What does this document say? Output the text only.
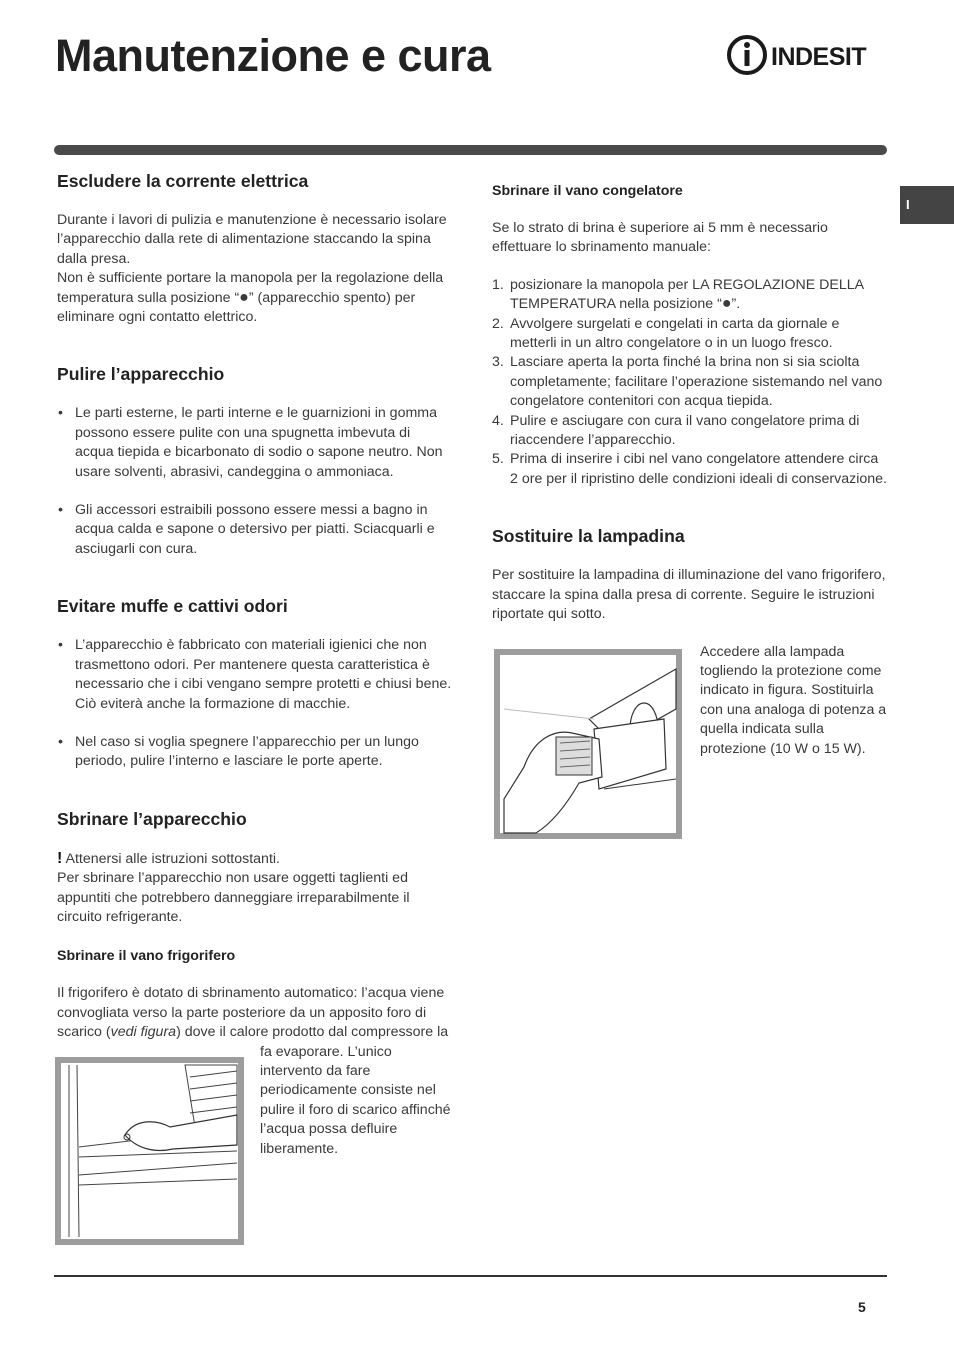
Manutenzione e cura	INDESIT
I
Escludere la corrente elettrica

Durante i lavori di pulizia e manutenzione è necessario isolare l’apparecchio dalla rete di alimentazione staccando la spina dalla presa.

Non è sufficiente portare la manopola per la regolazione della temperatura sulla posizione “●” (apparecchio spento) per eliminare ogni contatto elettrico.

Pulire l’apparecchio
• Le parti esterne, le parti interne e le guarnizioni in gomma possono essere pulite con una spugnetta imbevuta di acqua tiepida e bicarbonato di sodio o sapone neutro. Non usare solventi, abrasivi, candeggina o ammoniaca.
• Gli accessori estraibili possono essere messi a bagno in acqua calda e sapone o detersivo per piatti. Sciacquarli e asciugarli con cura.
Evitare muffe e cattivi odori
• L’apparecchio è fabbricato con materiali igienici che non trasmettono odori. Per mantenere questa caratteristica è necessario che i cibi vengano sempre protetti e chiusi bene. Ciò eviterà anche la formazione di macchie.
• Nel caso si voglia spegnere l’apparecchio per un lungo periodo, pulire l’interno e lasciare le porte aperte.
Sbrinare l’apparecchio

! Attenersi alle istruzioni sottostanti.

Per sbrinare l’apparecchio non usare oggetti taglienti ed appuntiti che potrebbero danneggiare irreparabilmente il circuito refrigerante.

Sbrinare il vano frigorifero
Il frigorifero è dotato di sbrinamento automatico: l’acqua viene convogliata verso la parte posteriore da un apposito foro di scarico (vedi figura) dove il calore prodotto dal compressore la fa evaporare. L’unico intervento da fare periodicamente consiste nel pulire il foro di scarico affinché l’acqua possa defluire liberamente.
Sbrinare il vano congelatore

Se lo strato di brina è superiore ai 5 mm è necessario effettuare lo sbrinamento manuale:

1. posizionare la manopola per LA REGOLAZIONE DELLA TEMPERATURA nella posizione “●”.
2. Avvolgere surgelati e congelati in carta da giornale e metterli in un altro congelatore o in un luogo fresco.
3. Lasciare aperta la porta finché la brina non si sia sciolta completamente; facilitare l’operazione sistemando nel vano congelatore contenitori con acqua tiepida.
4. Pulire e asciugare con cura il vano congelatore prima di riaccendere l’apparecchio.
5. Prima di inserire i cibi nel vano congelatore attendere circa 2 ore per il ripristino delle condizioni ideali di conservazione.
Sostituire la lampadina

Per sostituire la lampadina di illuminazione del vano frigorifero, staccare la spina dalla presa di corrente. Seguire le istruzioni riportate qui sotto.

Accedere alla lampada togliendo la protezione come indicato in figura. Sostituirla con una analoga di potenza a quella indicata sulla protezione (10 W o 15 W).

5
